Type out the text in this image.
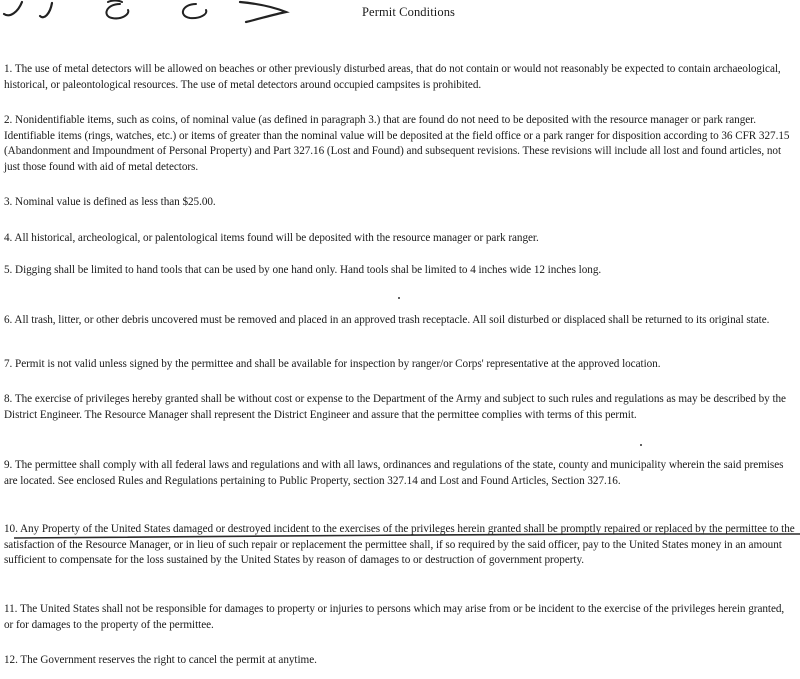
Permit Conditions

1. The use of metal detectors will be allowed on beaches or other previously disturbed areas, that do not contain or would not reasonably be expected to contain archaeological, historical, or paleontological resources. The use of metal detectors around occupied campsites is prohibited.

2. Nonidentifiable items, such as coins, of nominal value (as defined in paragraph 3.) that are found do not need to be deposited with the resource manager or park ranger. Identifiable items (rings, watches, etc.) or items of greater than the nominal value will be deposited at the field office or a park ranger for disposition according to 36 CFR 327.15 (Abandonment and Impoundment of Personal Property) and Part 327.16 (Lost and Found) and subsequent revisions. These revisions will include all lost and found articles, not just those found with aid of metal detectors.

3. Nominal value is defined as less than $25.00.

4. All historical, archeological, or palentological items found will be deposited with the resource manager or park ranger.

5. Digging shall be limited to hand tools that can be used by one hand only. Hand tools shal be limited to 4 inches wide 12 inches long.

6. All trash, litter, or other debris uncovered must be removed and placed in an approved trash receptacle. All soil disturbed or displaced shall be returned to its original state.

7. Permit is not valid unless signed by the permittee and shall be available for inspection by ranger/or Corps' representative at the approved location.

8. The exercise of privileges hereby granted shall be without cost or expense to the Department of the Army and subject to such rules and regulations as may be described by the District Engineer. The Resource Manager shall represent the District Engineer and assure that the permittee complies with terms of this permit.

9. The permittee shall comply with all federal laws and regulations and with all laws, ordinances and regulations of the state, county and municipality wherein the said premises are located. See enclosed Rules and Regulations pertaining to Public Property, section 327.14 and Lost and Found Articles, Section 327.16.

10. Any Property of the United States damaged or destroyed incident to the exercises of the privileges herein granted shall be promptly repaired or replaced by the permittee to the satisfaction of the Resource Manager, or in lieu of such repair or replacement the permittee shall, if so required by the said officer, pay to the United States money in an amount sufficient to compensate for the loss sustained by the United States by reason of damages to or destruction of government property.

11. The United States shall not be responsible for damages to property or injuries to persons which may arise from or be incident to the exercise of the privileges herein granted, or for damages to the property of the permittee.

12. The Government reserves the right to cancel the permit at anytime.
